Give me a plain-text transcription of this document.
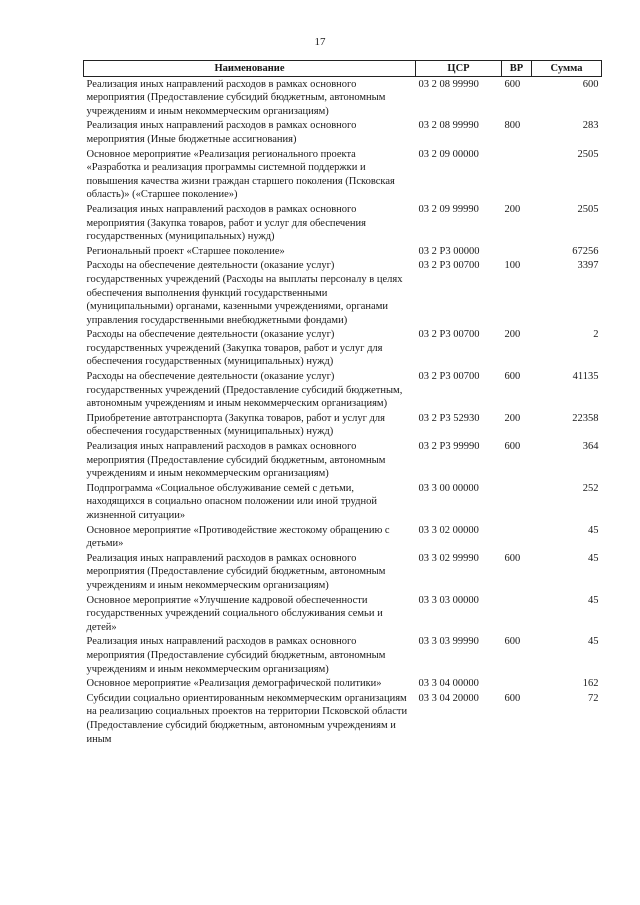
17
Наименование	ЦСР	ВР	Сумма
Реализация иных направлений расходов в рамках основного мероприятия (Предоставление субсидий бюджетным, автономным учреждениям и иным некоммерческим организациям)	03 2 08 99990	600	600
Реализация иных направлений расходов в рамках основного мероприятия (Иные бюджетные ассигнования)	03 2 08 99990	800	283
Основное мероприятие «Реализация регионального проекта «Разработка и реализация программы системной поддержки и повышения качества жизни граждан старшего поколения (Псковская область)» («Старшее поколение»)	03 2 09 00000		2505
Реализация иных направлений расходов в рамках основного мероприятия (Закупка товаров, работ и услуг для обеспечения государственных (муниципальных) нужд)	03 2 09 99990	200	2505
Региональный проект «Старшее поколение»	03 2 P3 00000		67256
Расходы на обеспечение деятельности (оказание услуг) государственных учреждений (Расходы на выплаты персоналу в целях обеспечения выполнения функций государственными (муниципальными) органами, казенными учреждениями, органами управления государственными внебюджетными фондами)	03 2 P3 00700	100	3397
Расходы на обеспечение деятельности (оказание услуг) государственных учреждений (Закупка товаров, работ и услуг для обеспечения государственных (муниципальных) нужд)	03 2 P3 00700	200	2
Расходы на обеспечение деятельности (оказание услуг) государственных учреждений (Предоставление субсидий бюджетным, автономным учреждениям и иным некоммерческим организациям)	03 2 P3 00700	600	41135
Приобретение автотранспорта (Закупка товаров, работ и услуг для обеспечения государственных (муниципальных) нужд)	03 2 P3 52930	200	22358
Реализация иных направлений расходов в рамках основного мероприятия (Предоставление субсидий бюджетным, автономным учреждениям и иным некоммерческим организациям)	03 2 P3 99990	600	364
Подпрограмма «Социальное обслуживание семей с детьми, находящихся в социально опасном положении или иной трудной жизненной ситуации»	03 3 00 00000		252
Основное мероприятие «Противодействие жестокому обращению с детьми»	03 3 02 00000		45
Реализация иных направлений расходов в рамках основного мероприятия (Предоставление субсидий бюджетным, автономным учреждениям и иным некоммерческим организациям)	03 3 02 99990	600	45
Основное мероприятие «Улучшение кадровой обеспеченности государственных учреждений социального обслуживания семьи и детей»	03 3 03 00000		45
Реализация иных направлений расходов в рамках основного мероприятия (Предоставление субсидий бюджетным, автономным учреждениям и иным некоммерческим организациям)	03 3 03 99990	600	45
Основное мероприятие «Реализация демографической политики»	03 3 04 00000		162
Субсидии социально ориентированным некоммерческим организациям на реализацию социальных проектов на территории Псковской области (Предоставление субсидий бюджетным, автономным учреждениям и иным	03 3 04 20000	600	72
